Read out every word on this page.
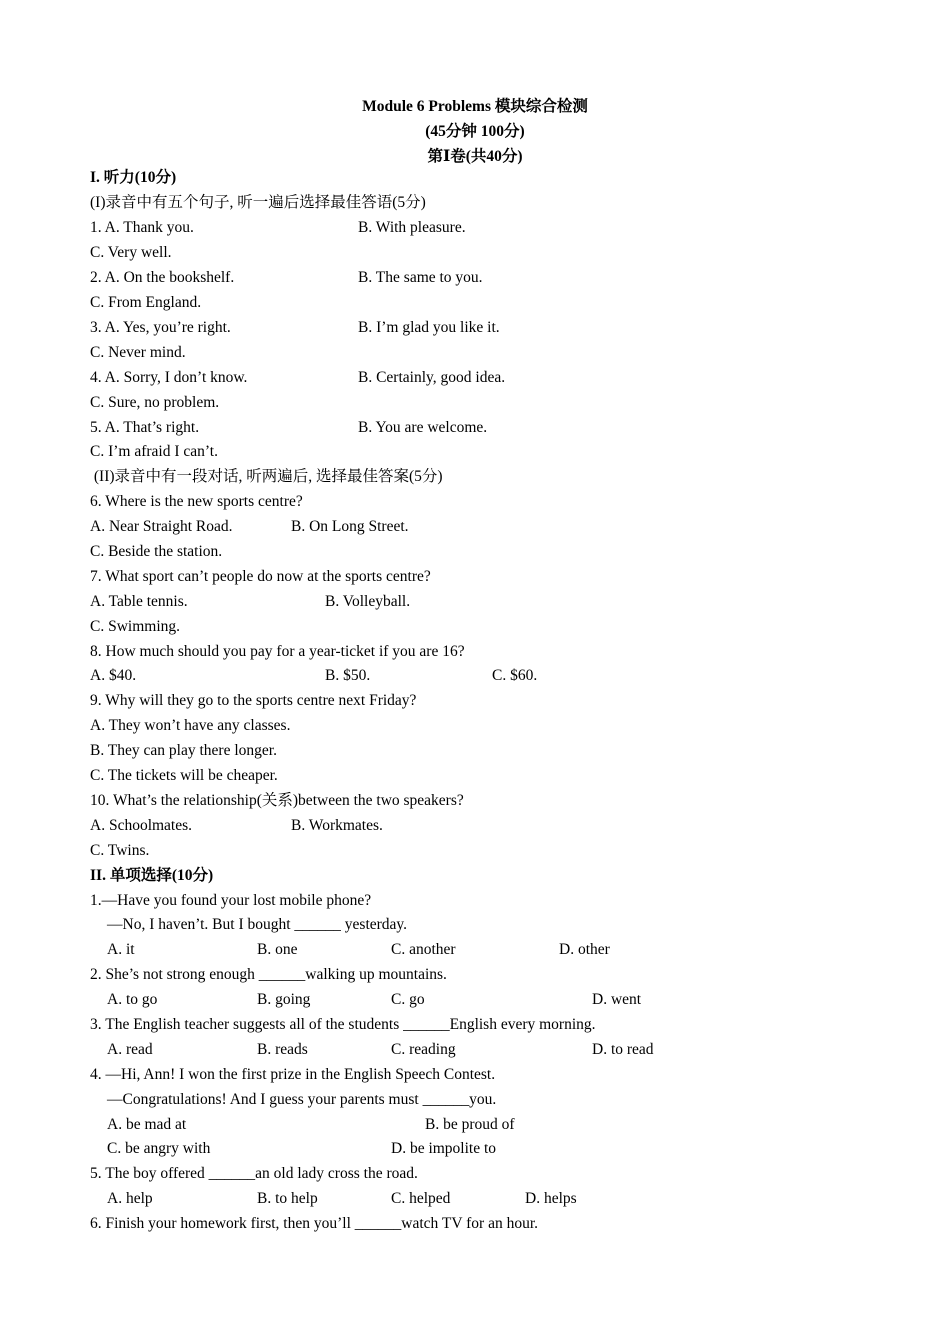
Module 6 Problems 模块综合检测
(45分钟 100分)
第Ⅰ卷(共40分)
I. 听力(10分)
(I)录音中有五个句子, 听一遍后选择最佳答语(5分)
1. A. Thank you.	B. With pleasure.
C. Very well.
2. A. On the bookshelf.	B. The same to you.
C. From England.
3. A. Yes, you’re right.	B. I’m glad you like it.
C. Never mind.
4. A. Sorry, I don’t know.	B. Certainly, good idea.
C. Sure, no problem.
5. A. That’s right.	B. You are welcome.
C. I’m afraid I can’t.
(II)录音中有一段对话, 听两遍后, 选择最佳答案(5分)
6. Where is the new sports centre?
A. Near Straight Road.	B. On Long Street.
C. Beside the station.
7. What sport can’t people do now at the sports centre?
A. Table tennis.	B. Volleyball.
C. Swimming.
8. How much should you pay for a year-ticket if you are 16?
A. $40.	B. $50.	C. $60.
9. Why will they go to the sports centre next Friday?
A. They won’t have any classes.
B. They can play there longer.
C. The tickets will be cheaper.
10. What’s the relationship(关系)between the two speakers?
A. Schoolmates.	B. Workmates.
C. Twins.
II. 单项选择(10分)
1.—Have you found your lost mobile phone?
—No, I haven’t. But I bought ______ yesterday.
A. it	B. one	C. another	D. other
2. She’s not strong enough ______walking up mountains.
A. to go	B. going	C. go	D. went
3. The English teacher suggests all of the students ______English every morning.
A. read	B. reads	C. reading	D. to read
4. —Hi, Ann! I won the first prize in the English Speech Contest.
—Congratulations! And I guess your parents must ______you.
A. be mad at	B. be proud of
C. be angry with	D. be impolite to
5. The boy offered ______an old lady cross the road.
A. help	B. to help	C. helped	D. helps
6. Finish your homework first, then you’ll ______watch TV for an hour.
